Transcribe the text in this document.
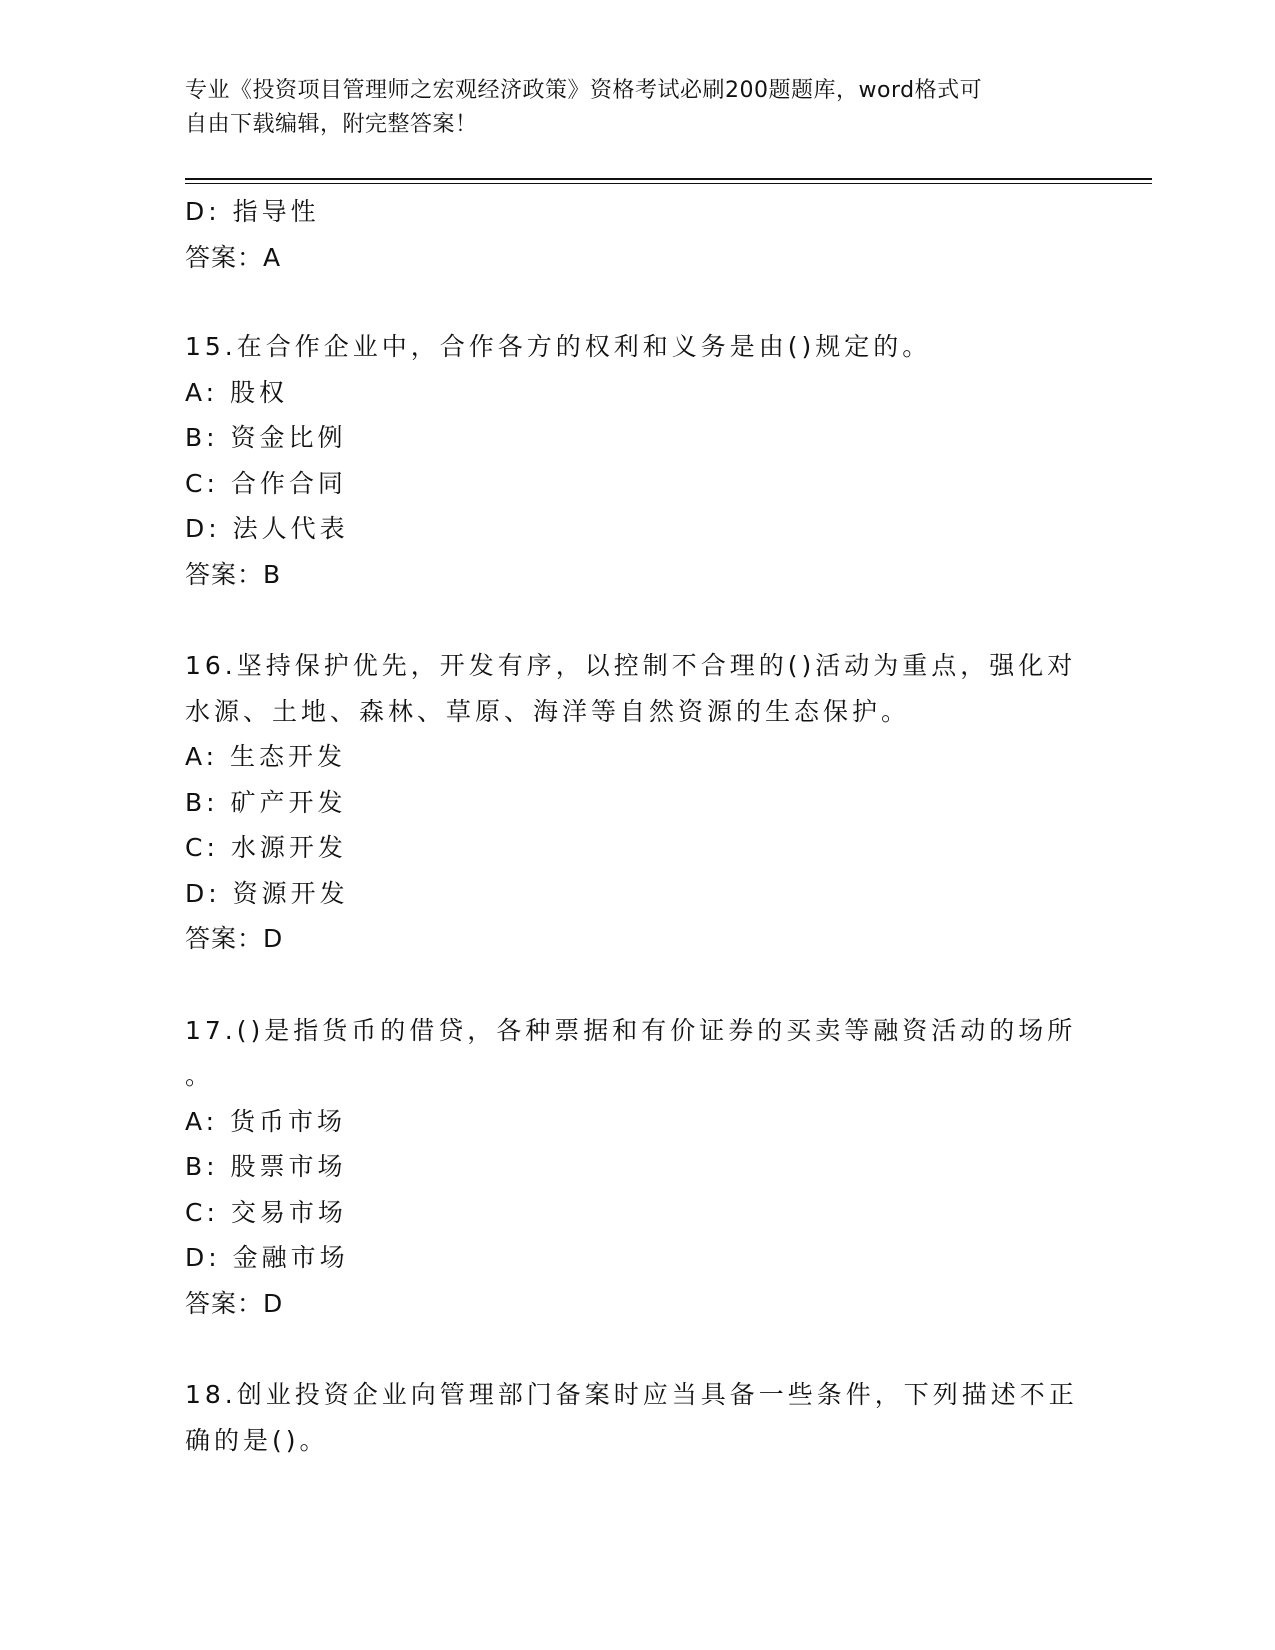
专业《投资项目管理师之宏观经济政策》资格考试必刷200题题库，word格式可
自由下载编辑，附完整答案！
D: 指导性
答案：A
15.在合作企业中，合作各方的权利和义务是由()规定的。
A: 股权
B: 资金比例
C: 合作合同
D: 法人代表
答案：B
16.坚持保护优先，开发有序，以控制不合理的()活动为重点，强化对
水源、土地、森林、草原、海洋等自然资源的生态保护。
A: 生态开发
B: 矿产开发
C: 水源开发
D: 资源开发
答案：D
17.()是指货币的借贷，各种票据和有价证券的买卖等融资活动的场所
。
A: 货币市场
B: 股票市场
C: 交易市场
D: 金融市场
答案：D
18.创业投资企业向管理部门备案时应当具备一些条件，下列描述不正
确的是()。
